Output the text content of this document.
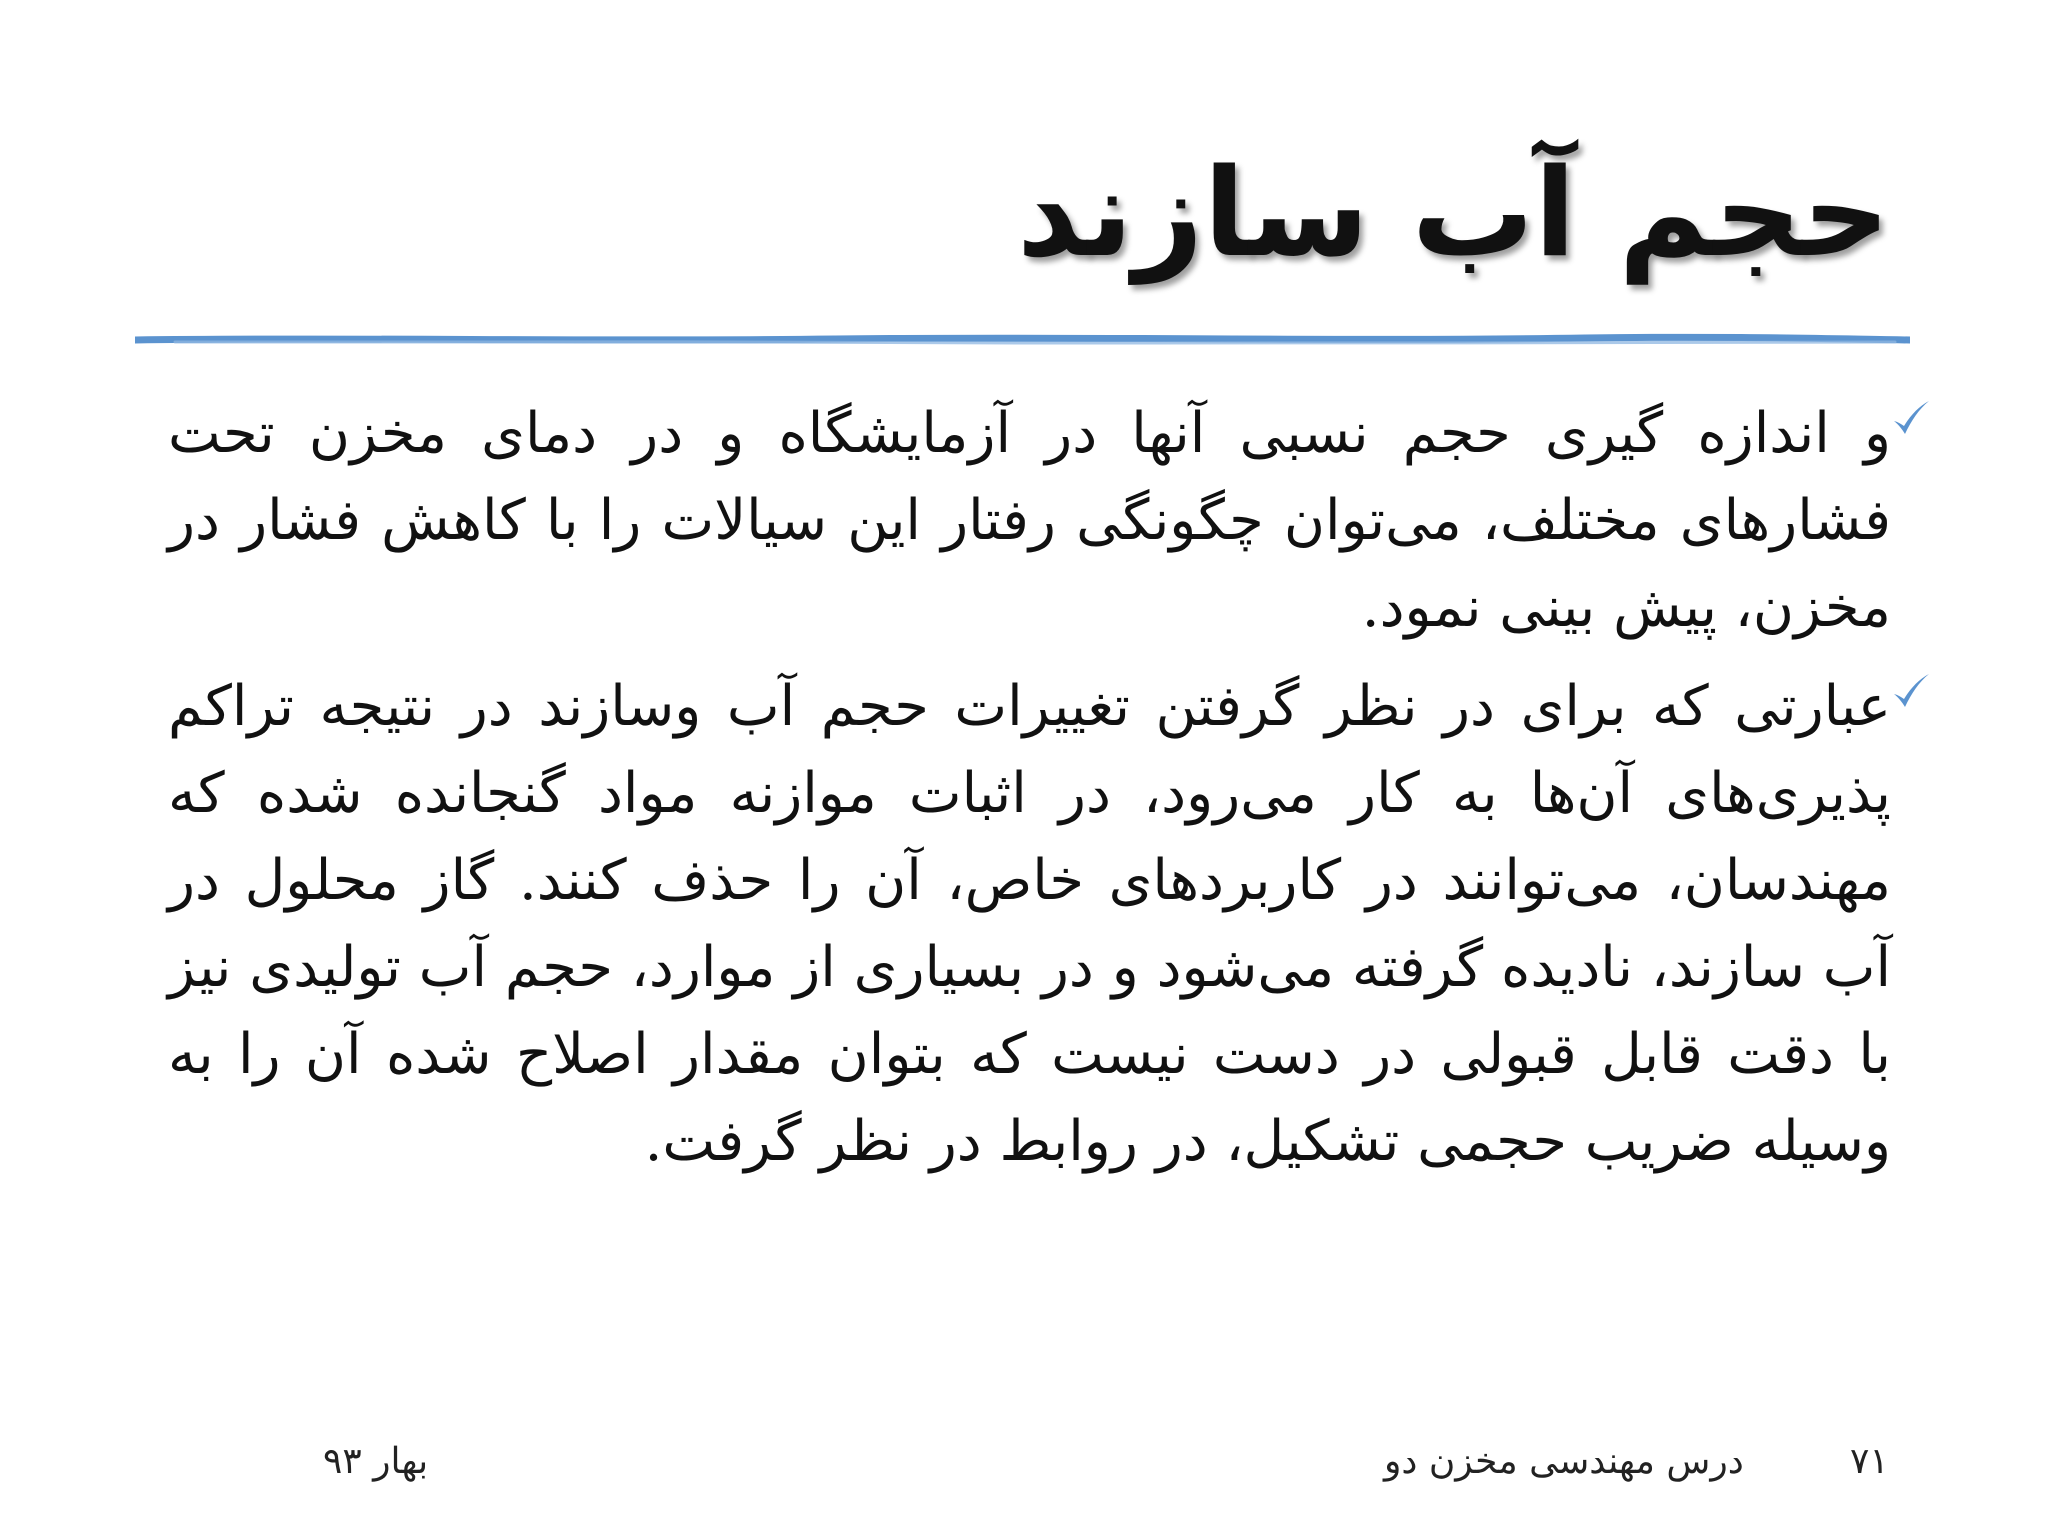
حجم آب سازند
و اندازه گیری حجم نسبی آنها در آزمایشگاه و در دمای مخزن تحت فشارهای مختلف، می‌توان چگونگی رفتار این سیالات را با کاهش فشار در مخزن، پیش بینی نمود.
عبارتی که برای در نظر گرفتن تغییرات حجم آب وسازند در نتیجه تراکم پذیری‌های آن‌ها به کار می‌رود، در اثبات موازنه مواد گنجانده شده که مهندسان، می‌توانند در کاربردهای خاص، آن را حذف کنند. گاز محلول در آب سازند، نادیده گرفته می‌شود و در بسیاری از موارد، حجم آب تولیدی نیز با دقت قابل قبولی در دست نیست که بتوان مقدار اصلاح شده آن را به وسیله ضریب حجمی تشکیل، در روابط در نظر گرفت.
بهار ۹۳	درس مهندسی مخزن دو	۷۱
